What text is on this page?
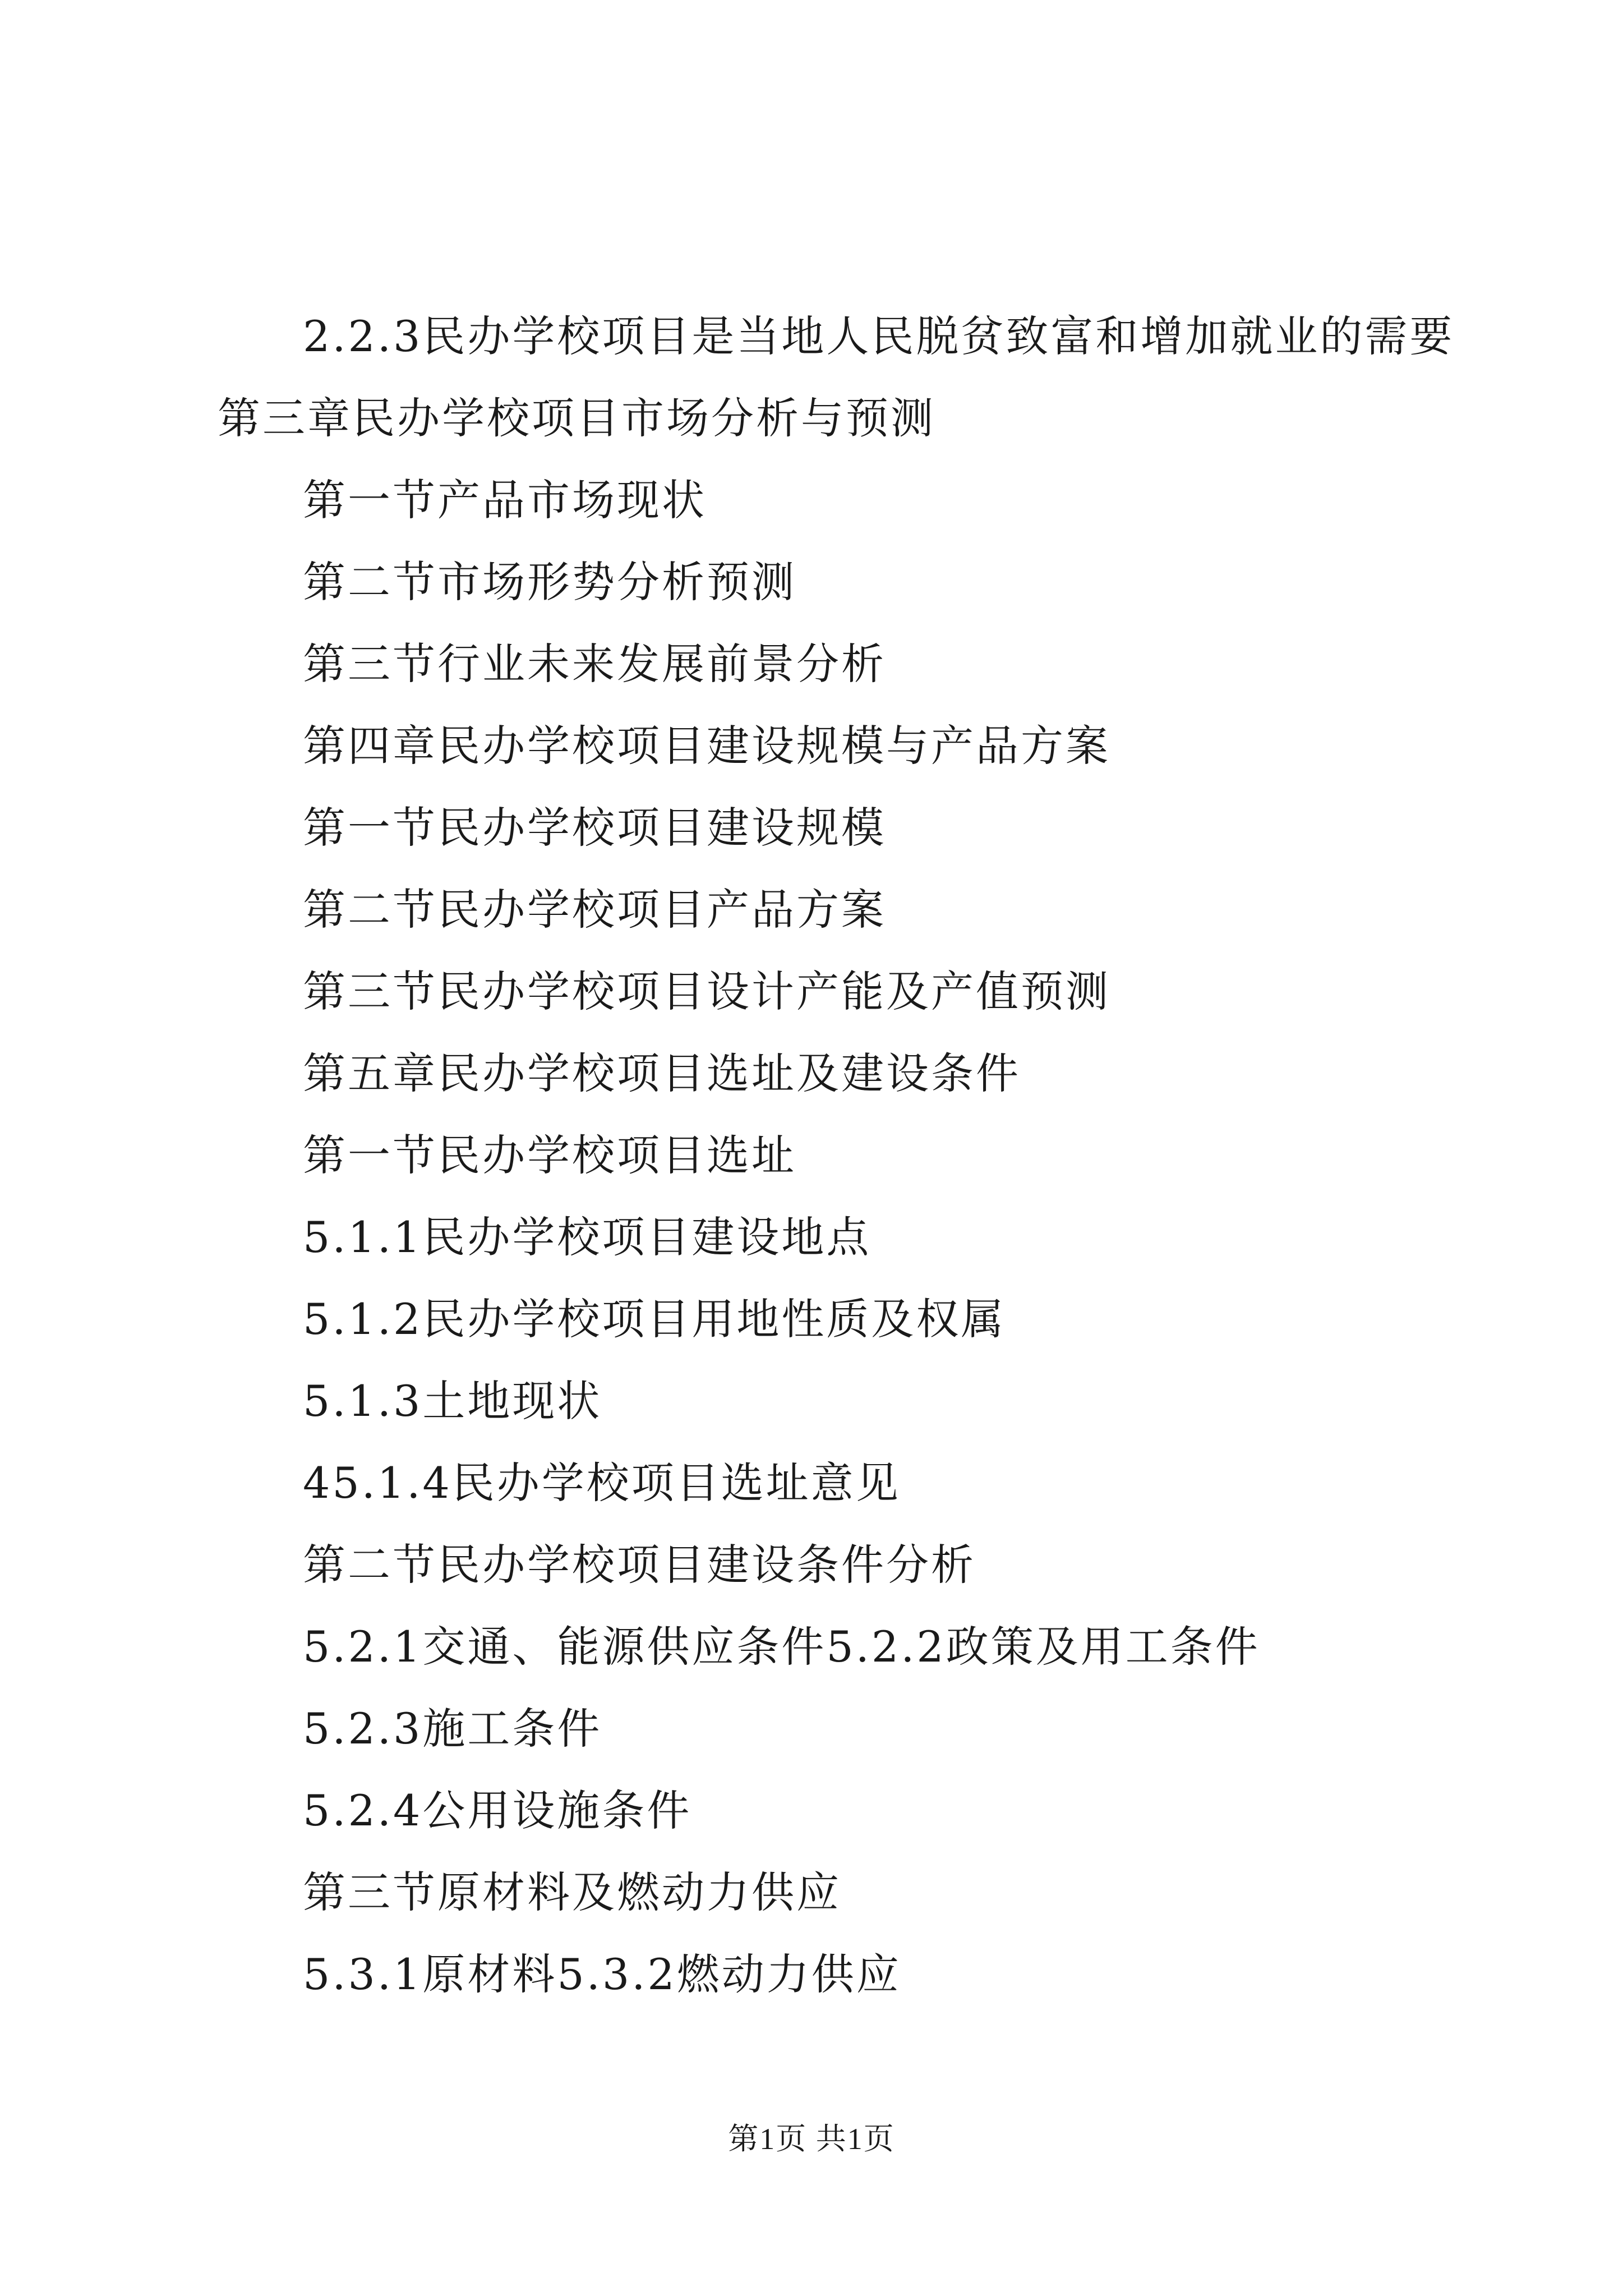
2.2.3民办学校项目是当地人民脱贫致富和增加就业的需要
第三章民办学校项目市场分析与预测
第一节产品市场现状
第二节市场形势分析预测
第三节行业未来发展前景分析
第四章民办学校项目建设规模与产品方案
第一节民办学校项目建设规模
第二节民办学校项目产品方案
第三节民办学校项目设计产能及产值预测
第五章民办学校项目选址及建设条件
第一节民办学校项目选址
5.1.1民办学校项目建设地点
5.1.2民办学校项目用地性质及权属
5.1.3土地现状
45.1.4民办学校项目选址意见
第二节民办学校项目建设条件分析
5.2.1交通、能源供应条件5.2.2政策及用工条件
5.2.3施工条件
5.2.4公用设施条件
第三节原材料及燃动力供应
5.3.1原材料5.3.2燃动力供应
第1页 共1页
